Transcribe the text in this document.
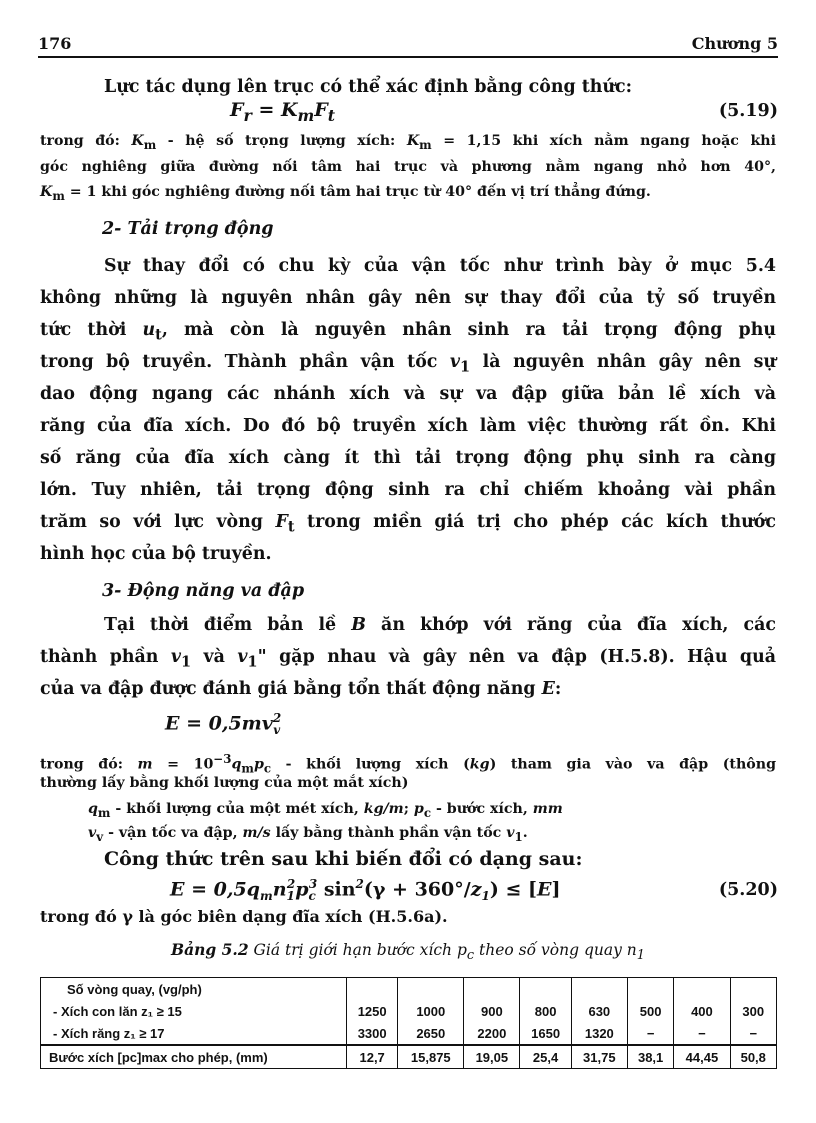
176	Chương 5
Lực tác dụng lên trục có thể xác định bằng công thức:
$F_r = K_mF_t$	(5.19)
trong đó: $K_m$ - hệ số trọng lượng xích: $K_m = 1,15$ khi xích nằm ngang hoặc khi
góc nghiêng giữa đường nối tâm hai trục và phương nằm ngang nhỏ hơn 40°,
$K_m = 1$ khi góc nghiêng đường nối tâm hai trục từ 40° đến vị trí thẳng đứng.
2- Tải trọng động
Sự thay đổi có chu kỳ của vận tốc như trình bày ở mục 5.4
không những là nguyên nhân gây nên sự thay đổi của tỷ số truyền
tức thời $u_t$, mà còn là nguyên nhân sinh ra tải trọng động phụ
trong bộ truyền. Thành phần vận tốc $v_1$ là nguyên nhân gây nên sự
dao động ngang các nhánh xích và sự va đập giữa bản lề xích và
răng của đĩa xích. Do đó bộ truyền xích làm việc thường rất ồn. Khi
số răng của đĩa xích càng ít thì tải trọng động phụ sinh ra càng
lớn. Tuy nhiên, tải trọng động sinh ra chỉ chiếm khoảng vài phần
trăm so với lực vòng $F_t$ trong miền giá trị cho phép các kích thước
hình học của bộ truyền.
3- Động năng va đập
Tại thời điểm bản lề B ăn khớp với răng của đĩa xích, các
thành phần $v_1$ và $v_1$" gặp nhau và gây nên va đập (H.5.8). Hậu quả
của va đập được đánh giá bằng tổn thất động năng E:
$E = 0,5mv^2_v$
trong đó: $m = 10^{-3}q_mp_c$ - khối lượng xích (kg) tham gia vào va đập (thông
thường lấy bằng khối lượng của một mắt xích)
$q_m$ - khối lượng của một mét xích, kg/m; $p_c$ - bước xích, mm
$v_v$ - vận tốc va đập, m/s lấy bằng thành phần vận tốc $v_1$.
Công thức trên sau khi biến đổi có dạng sau:
$E = 0,5q_mn_1^2p_c^3$ $\sin^2(\gamma + 360^\circ/z_1) \le [E]$	(5.20)
trong đó γ là góc biên dạng đĩa xích (H.5.6a).
Bảng 5.2 Giá trị giới hạn bước xích $p_c$ theo số vòng quay $n_1$
Số vòng quay, (vg/ph)								
- Xích con lăn z₁ ≥ 15	1250	1000	900	800	630	500	400	300
- Xích răng z₁ ≥ 17	3300	2650	2200	1650	1320	−	−	−
Bước xích [pc]max cho phép, (mm)	12,7	15,875	19,05	25,4	31,75	38,1	44,45	50,8
